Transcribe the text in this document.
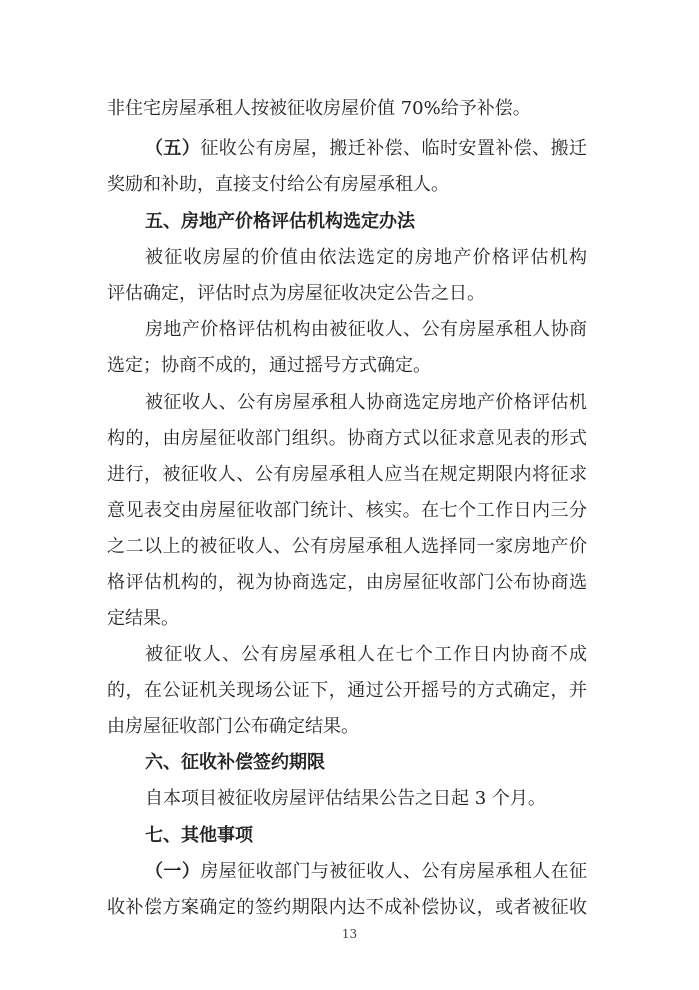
非住宅房屋承租人按被征收房屋价值 70%给予补偿。
（五）征收公有房屋，搬迁补偿、临时安置补偿、搬迁
奖励和补助，直接支付给公有房屋承租人。
五、房地产价格评估机构选定办法
被征收房屋的价值由依法选定的房地产价格评估机构
评估确定，评估时点为房屋征收决定公告之日。
房地产价格评估机构由被征收人、公有房屋承租人协商
选定；协商不成的，通过摇号方式确定。
被征收人、公有房屋承租人协商选定房地产价格评估机
构的，由房屋征收部门组织。协商方式以征求意见表的形式
进行，被征收人、公有房屋承租人应当在规定期限内将征求
意见表交由房屋征收部门统计、核实。在七个工作日内三分
之二以上的被征收人、公有房屋承租人选择同一家房地产价
格评估机构的，视为协商选定，由房屋征收部门公布协商选
定结果。
被征收人、公有房屋承租人在七个工作日内协商不成
的，在公证机关现场公证下，通过公开摇号的方式确定，并
由房屋征收部门公布确定结果。
六、征收补偿签约期限
自本项目被征收房屋评估结果公告之日起 3 个月。
七、其他事项
（一）房屋征收部门与被征收人、公有房屋承租人在征
收补偿方案确定的签约期限内达不成补偿协议，或者被征收
13
